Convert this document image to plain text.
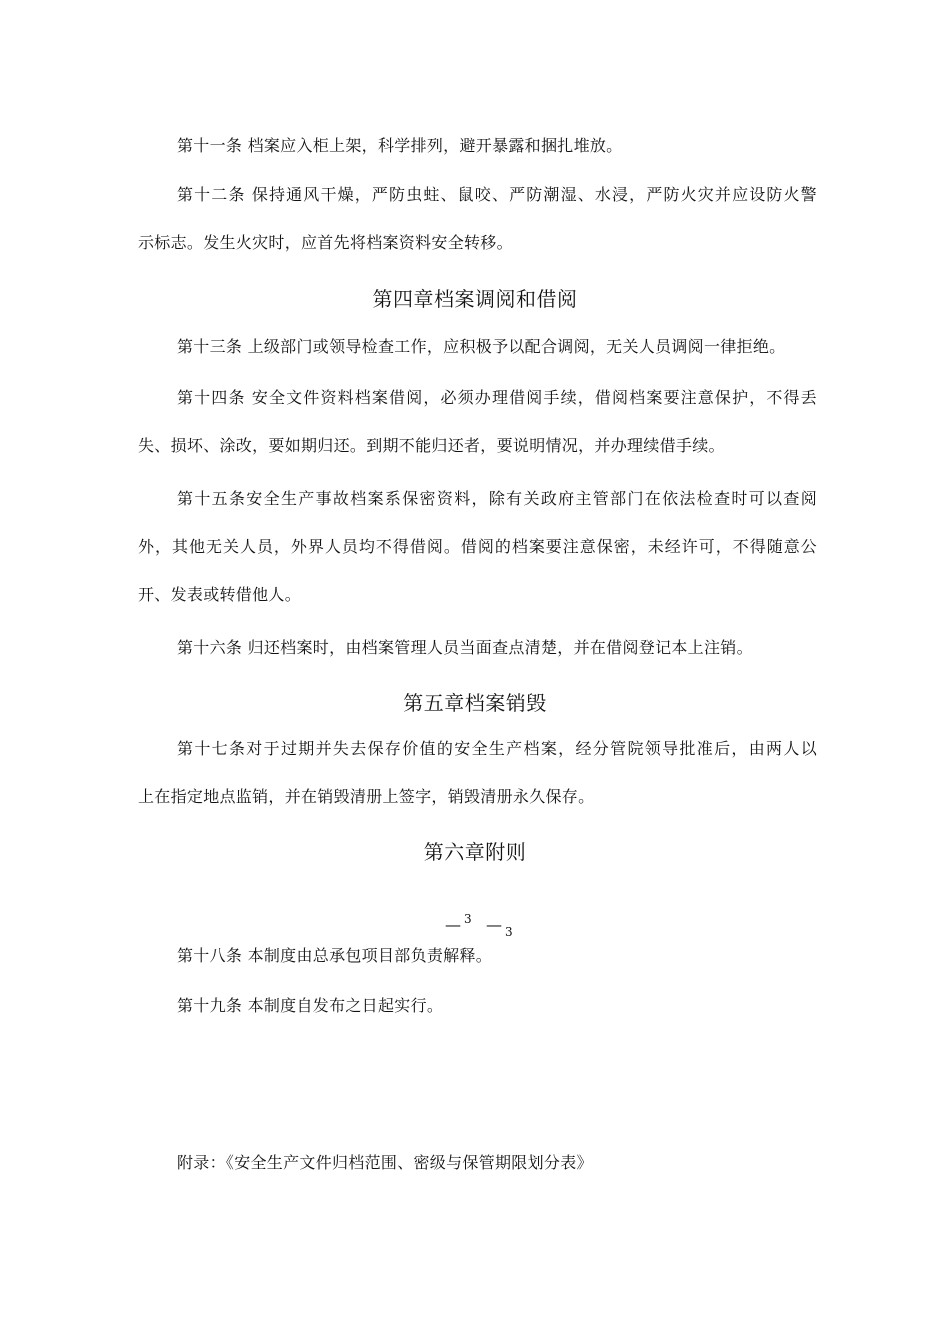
第十一条 档案应入柜上架，科学排列，避开暴露和捆扎堆放。
第十二条 保持通风干燥，严防虫蛀、鼠咬、严防潮湿、水浸，严防火灾并应设防火警
示标志。发生火灾时，应首先将档案资料安全转移。
第四章档案调阅和借阅
第十三条 上级部门或领导检查工作，应积极予以配合调阅，无关人员调阅一律拒绝。
第十四条 安全文件资料档案借阅，必须办理借阅手续，借阅档案要注意保护，不得丢
失、损坏、涂改，要如期归还。到期不能归还者，要说明情况，并办理续借手续。
第十五条安全生产事故档案系保密资料，除有关政府主管部门在依法检查时可以查阅
外，其他无关人员，外界人员均不得借阅。借阅的档案要注意保密，未经许可，不得随意公
开、发表或转借他人。
第十六条 归还档案时，由档案管理人员当面查点清楚，并在借阅登记本上注销。
第五章档案销毁
第十七条对于过期并失去保存价值的安全生产档案，经分管院领导批准后，由两人以
上在指定地点监销，并在销毁清册上签字，销毁清册永久保存。
第六章附则
— 3 — 3
第十八条 本制度由总承包项目部负责解释。
第十九条 本制度自发布之日起实行。
附录：《安全生产文件归档范围、密级与保管期限划分表》
